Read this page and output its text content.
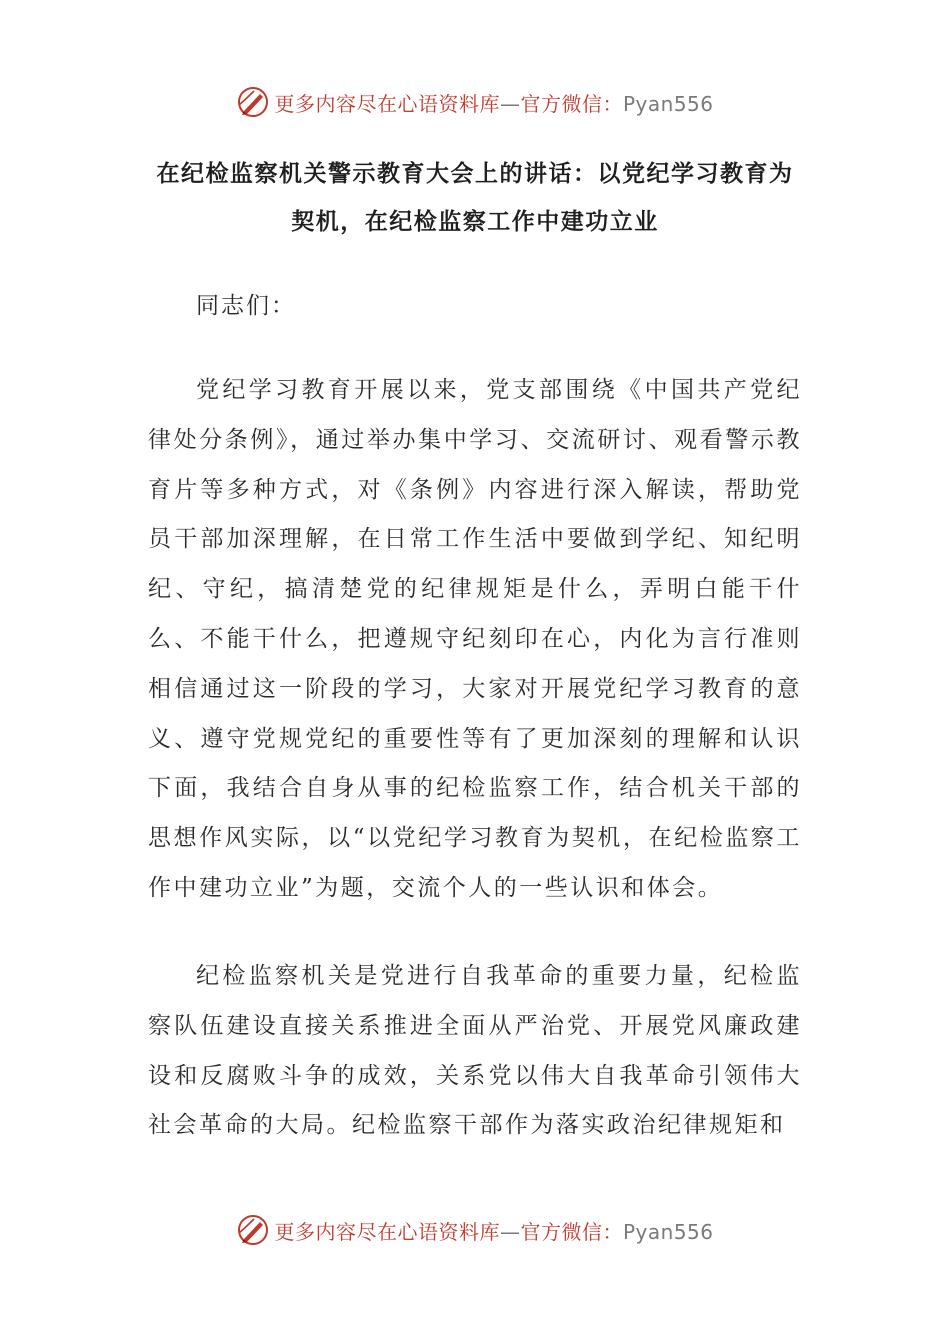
更多内容尽在心语资料库—官方微信：Pyan556
在纪检监察机关警示教育大会上的讲话：以党纪学习教育为契机，在纪检监察工作中建功立业
同志们：

党纪学习教育开展以来，党支部围绕《中国共产党纪律处分条例》，通过举办集中学习、交流研讨、观看警示教育片等多种方式，对《条例》内容进行深入解读，帮助党员干部加深理解，在日常工作生活中要做到学纪、知纪明纪、守纪，搞清楚党的纪律规矩是什么，弄明白能干什么、不能干什么，把遵规守纪刻印在心，内化为言行准则相信通过这一阶段的学习，大家对开展党纪学习教育的意义、遵守党规党纪的重要性等有了更加深刻的理解和认识下面，我结合自身从事的纪检监察工作，结合机关干部的思想作风实际，以“以党纪学习教育为契机，在纪检监察工作中建功立业”为题，交流个人的一些认识和体会。

纪检监察机关是党进行自我革命的重要力量，纪检监察队伍建设直接关系推进全面从严治党、开展党风廉政建设和反腐败斗争的成效，关系党以伟大自我革命引领伟大社会革命的大局。纪检监察干部作为落实政治纪律规矩和

更多内容尽在心语资料库—官方微信：Pyan556
